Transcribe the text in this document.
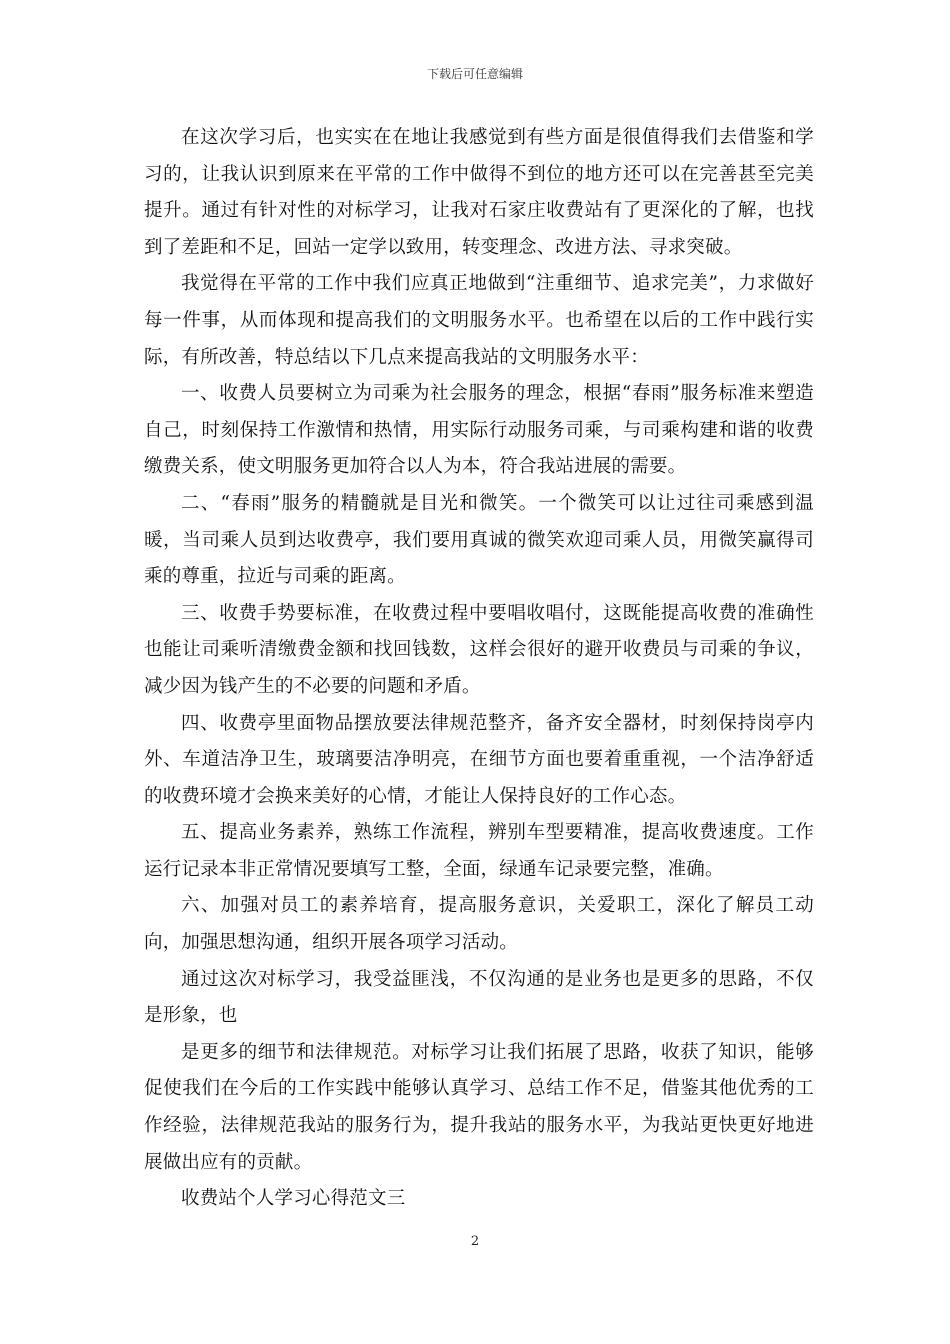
下载后可任意编辑

在这次学习后，也实实在在地让我感觉到有些方面是很值得我们去借鉴和学习的，让我认识到原来在平常的工作中做得不到位的地方还可以在完善甚至完美提升。通过有针对性的对标学习，让我对石家庄收费站有了更深化的了解，也找到了差距和不足，回站一定学以致用，转变理念、改进方法、寻求突破。

我觉得在平常的工作中我们应真正地做到“注重细节、追求完美”，力求做好每一件事，从而体现和提高我们的文明服务水平。也希望在以后的工作中践行实际，有所改善，特总结以下几点来提高我站的文明服务水平：

一、收费人员要树立为司乘为社会服务的理念，根据“春雨”服务标准来塑造自己，时刻保持工作激情和热情，用实际行动服务司乘，与司乘构建和谐的收费缴费关系，使文明服务更加符合以人为本，符合我站进展的需要。

二、“春雨”服务的精髓就是目光和微笑。一个微笑可以让过往司乘感到温暖，当司乘人员到达收费亭，我们要用真诚的微笑欢迎司乘人员，用微笑赢得司乘的尊重，拉近与司乘的距离。

三、收费手势要标准，在收费过程中要唱收唱付，这既能提高收费的准确性也能让司乘听清缴费金额和找回钱数，这样会很好的避开收费员与司乘的争议，减少因为钱产生的不必要的问题和矛盾。

四、收费亭里面物品摆放要法律规范整齐，备齐安全器材，时刻保持岗亭内外、车道洁净卫生，玻璃要洁净明亮，在细节方面也要着重重视，一个洁净舒适的收费环境才会换来美好的心情，才能让人保持良好的工作心态。

五、提高业务素养，熟练工作流程，辨别车型要精准，提高收费速度。工作运行记录本非正常情况要填写工整，全面，绿通车记录要完整，准确。

六、加强对员工的素养培育，提高服务意识，关爱职工，深化了解员工动向，加强思想沟通，组织开展各项学习活动。

通过这次对标学习，我受益匪浅，不仅沟通的是业务也是更多的思路，不仅是形象，也

是更多的细节和法律规范。对标学习让我们拓展了思路，收获了知识，能够促使我们在今后的工作实践中能够认真学习、总结工作不足，借鉴其他优秀的工作经验，法律规范我站的服务行为，提升我站的服务水平，为我站更快更好地进展做出应有的贡献。

收费站个人学习心得范文三

2
